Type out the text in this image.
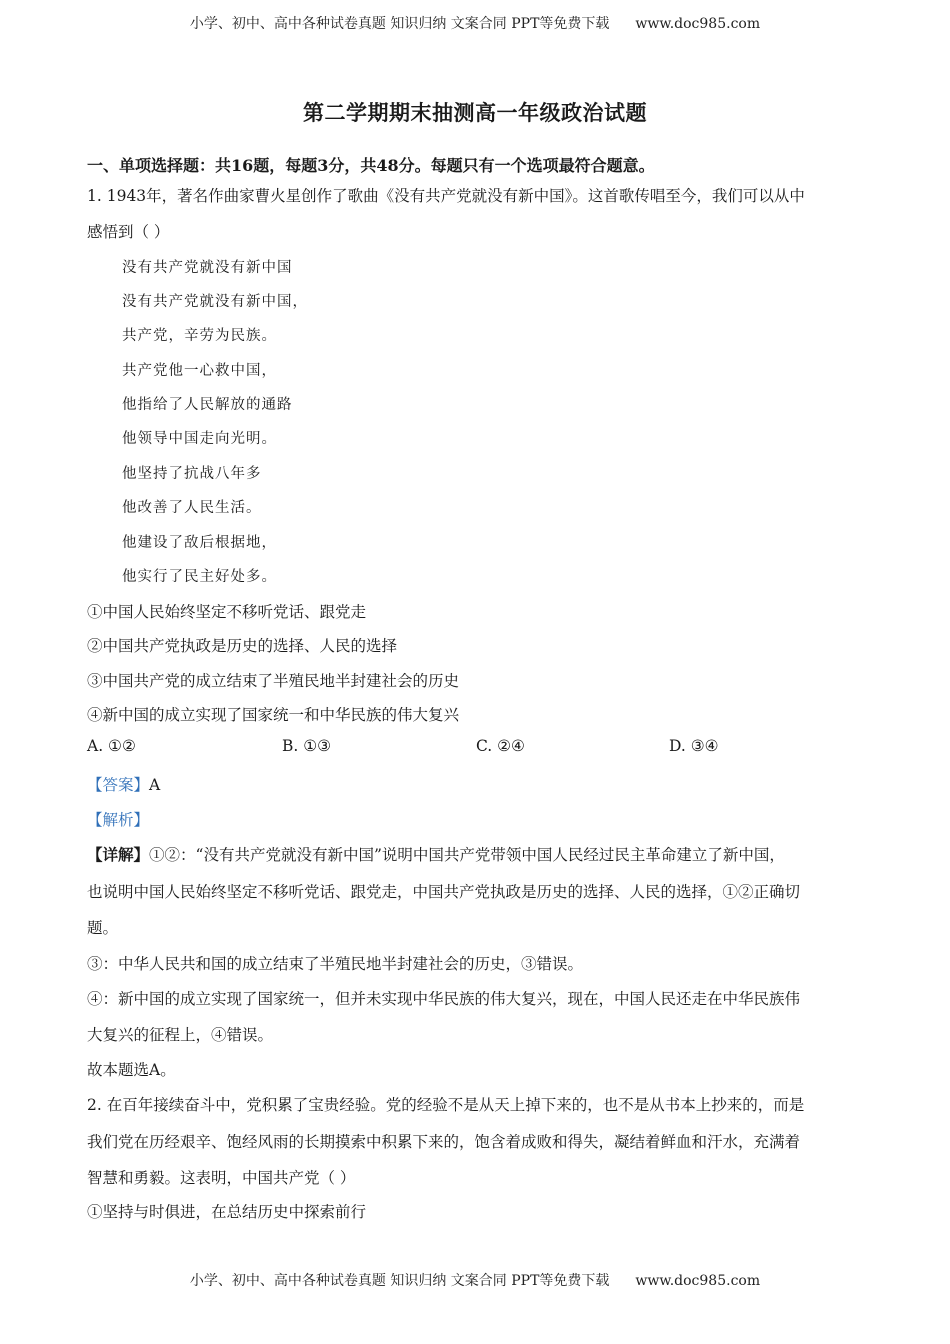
小学、初中、高中各种试卷真题 知识归纳 文案合同 PPT等免费下载 www.doc985.com
第二学期期末抽测高一年级政治试题
一、单项选择题：共16题，每题3分，共48分。每题只有一个选项最符合题意。
1. 1943年，著名作曲家曹火星创作了歌曲《没有共产党就没有新中国》。这首歌传唱至今，我们可以从中
感悟到（ ）
没有共产党就没有新中国
没有共产党就没有新中国，
共产党，辛劳为民族。
共产党他一心救中国，
他指给了人民解放的通路
他领导中国走向光明。
他坚持了抗战八年多
他改善了人民生活。
他建设了敌后根据地，
他实行了民主好处多。
①中国人民始终坚定不移听党话、跟党走
②中国共产党执政是历史的选择、人民的选择
③中国共产党的成立结束了半殖民地半封建社会的历史
④新中国的成立实现了国家统一和中华民族的伟大复兴
A. ①②	B. ①③	C. ②④	D. ③④
【答案】A
【解析】
【详解】①②：“没有共产党就没有新中国”说明中国共产党带领中国人民经过民主革命建立了新中国，
也说明中国人民始终坚定不移听党话、跟党走，中国共产党执政是历史的选择、人民的选择，①②正确切
题。
③：中华人民共和国的成立结束了半殖民地半封建社会的历史，③错误。
④：新中国的成立实现了国家统一，但并未实现中华民族的伟大复兴，现在，中国人民还走在中华民族伟
大复兴的征程上，④错误。
故本题选A。
2. 在百年接续奋斗中，党积累了宝贵经验。党的经验不是从天上掉下来的，也不是从书本上抄来的，而是
我们党在历经艰辛、饱经风雨的长期摸索中积累下来的，饱含着成败和得失，凝结着鲜血和汗水，充满着
智慧和勇毅。这表明，中国共产党（ ）
①坚持与时俱进，在总结历史中探索前行
小学、初中、高中各种试卷真题 知识归纳 文案合同 PPT等免费下载 www.doc985.com
